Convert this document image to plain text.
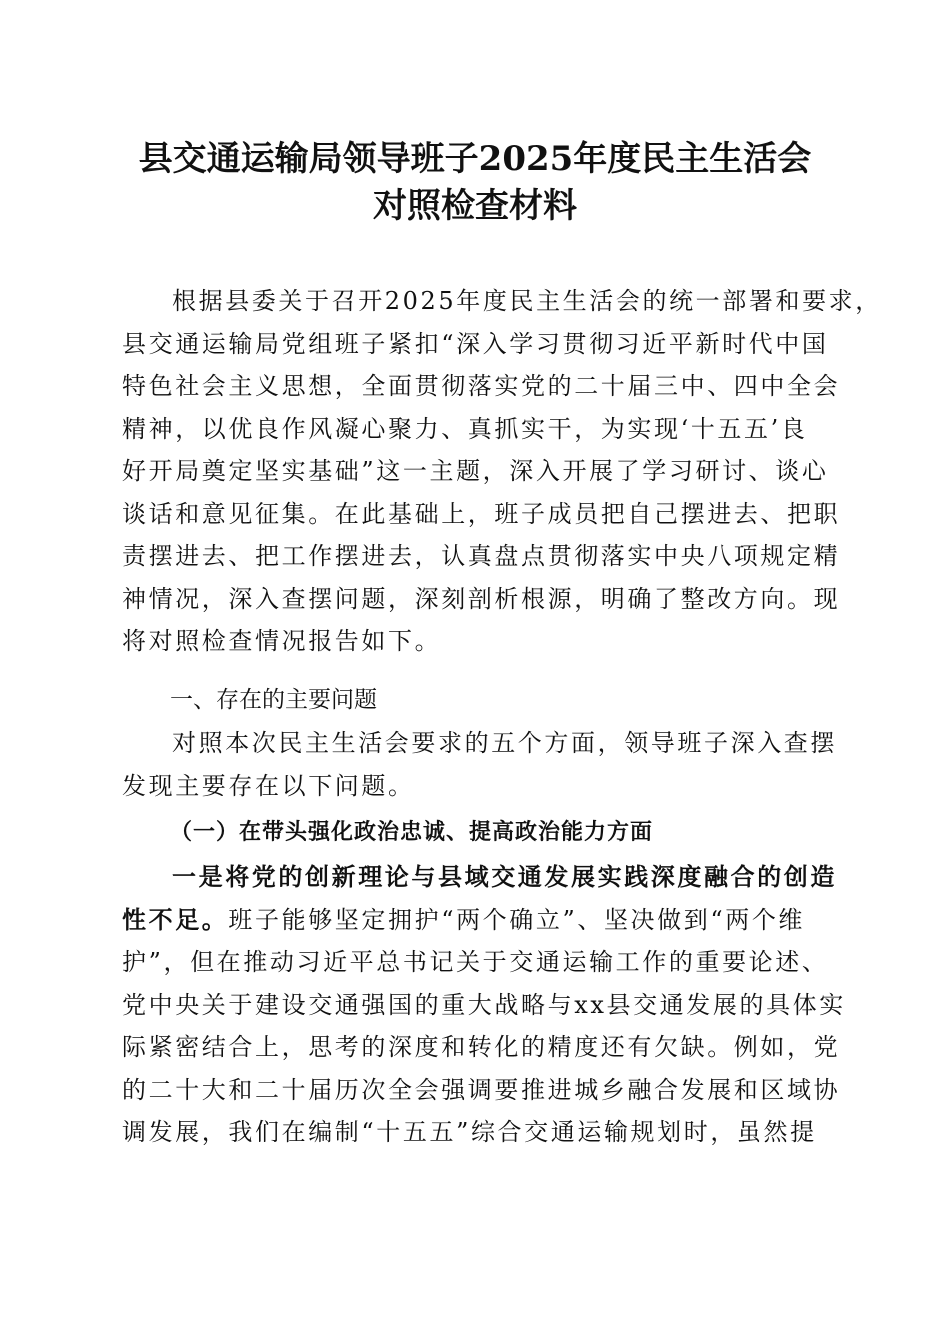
县交通运输局领导班子2025年度民主生活会
对照检查材料
根据县委关于召开2025年度民主生活会的统一部署和要求，
县交通运输局党组班子紧扣“深入学习贯彻习近平新时代中国
特色社会主义思想，全面贯彻落实党的二十届三中、四中全会
精神，以优良作风凝心聚力、真抓实干，为实现‘十五五’良
好开局奠定坚实基础”这一主题，深入开展了学习研讨、谈心
谈话和意见征集。在此基础上，班子成员把自己摆进去、把职
责摆进去、把工作摆进去，认真盘点贯彻落实中央八项规定精
神情况，深入查摆问题，深刻剖析根源，明确了整改方向。现
将对照检查情况报告如下。
一、存在的主要问题
对照本次民主生活会要求的五个方面，领导班子深入查摆
发现主要存在以下问题。
（一）在带头强化政治忠诚、提高政治能力方面
一是将党的创新理论与县域交通发展实践深度融合的创造
性不足。班子能够坚定拥护“两个确立”、坚决做到“两个维
护”，但在推动习近平总书记关于交通运输工作的重要论述、
党中央关于建设交通强国的重大战略与xx县交通发展的具体实
际紧密结合上，思考的深度和转化的精度还有欠缺。例如，党
的二十大和二十届历次全会强调要推进城乡融合发展和区域协
调发展，我们在编制“十五五”综合交通运输规划时，虽然提
